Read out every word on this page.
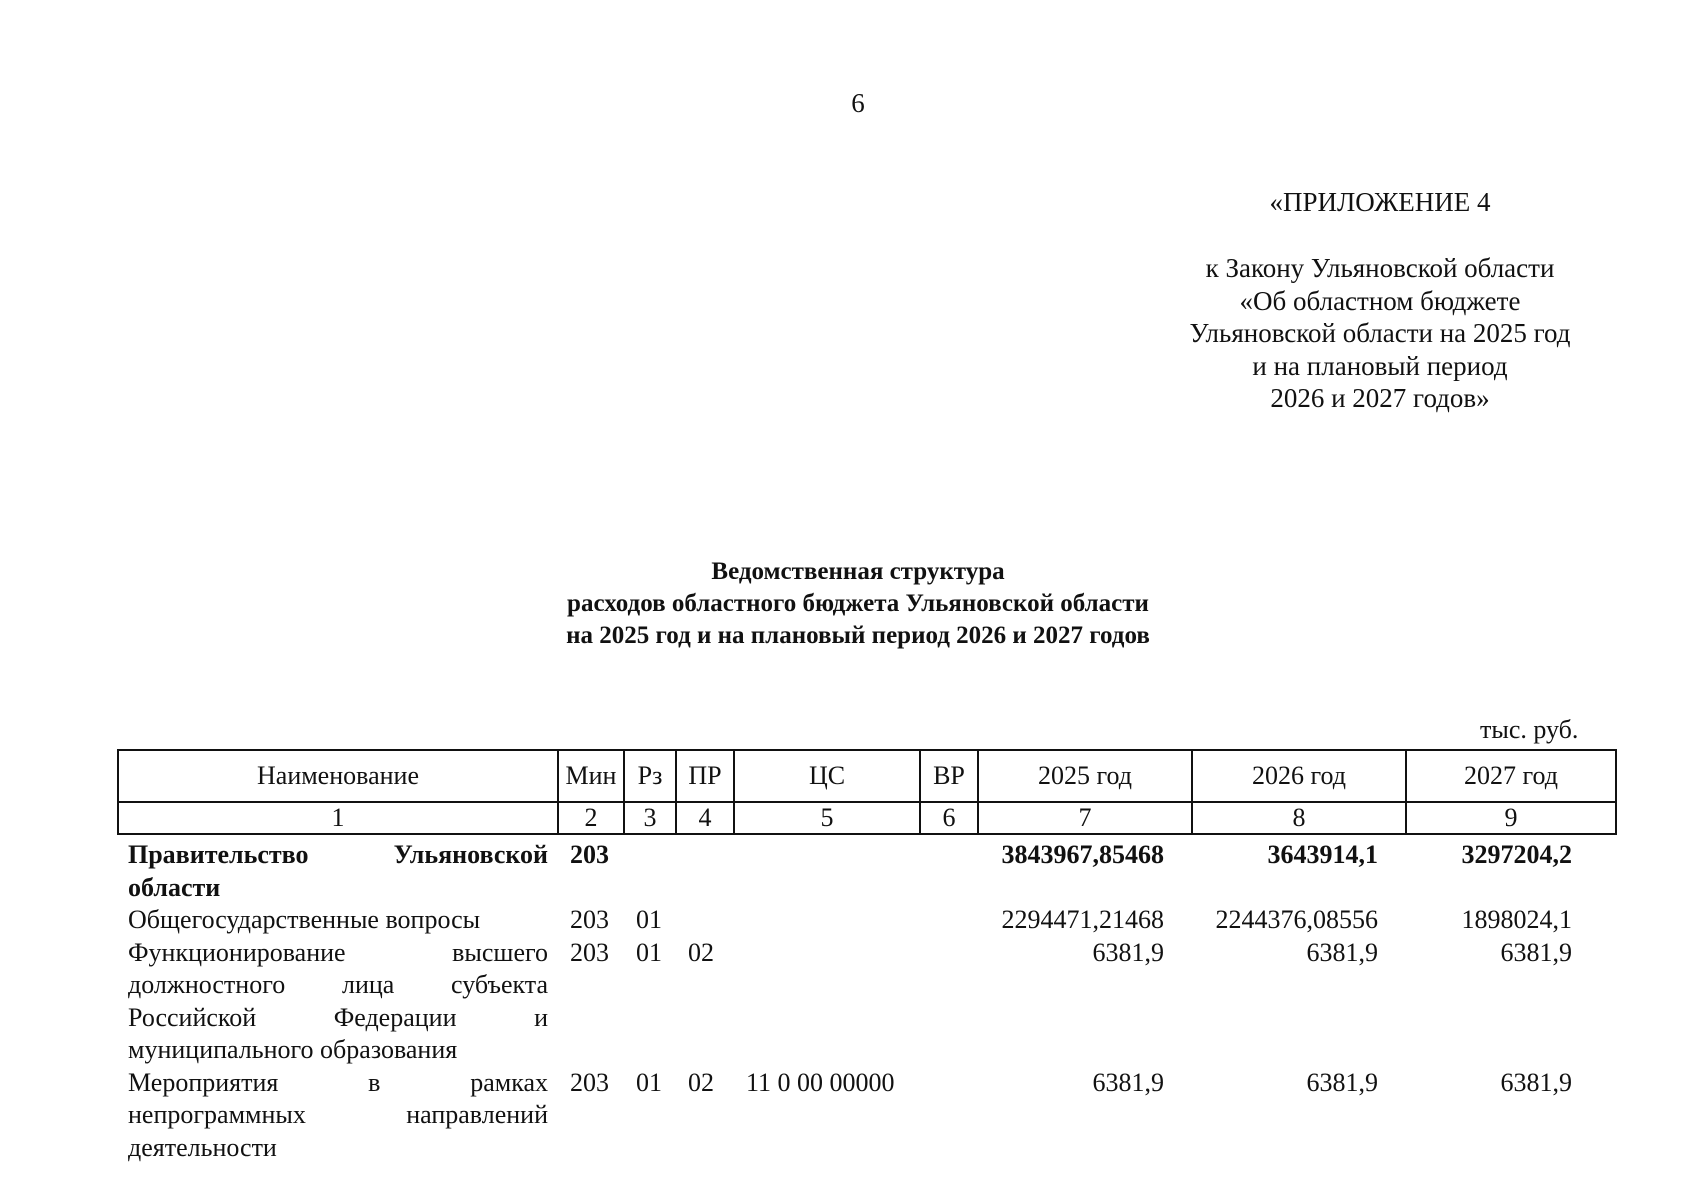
6
«ПРИЛОЖЕНИЕ 4
к Закону Ульяновской области
«Об областном бюджете
Ульяновской области на 2025 год
и на плановый период
2026 и 2027 годов»
Ведомственная структура
расходов областного бюджета Ульяновской области
на 2025 год и на плановый период 2026 и 2027 годов
тыс. руб.
Наименование	Мин	Рз	ПР	ЦС	ВР	2025 год	2026 год	2027 год
1	2	3	4	5	6	7	8	9
Правительство Ульяновской области	203					3843967,85468	3643914,1	3297204,2
Общегосударственные вопросы	203	01				2294471,21468	2244376,08556	1898024,1
Функционирование высшего должностного лица субъекта Российской Федерации и муниципального образования	203	01	02			6381,9	6381,9	6381,9
Мероприятия в рамках непрограммных направлений деятельности	203	01	02	11 0 00 00000		6381,9	6381,9	6381,9
